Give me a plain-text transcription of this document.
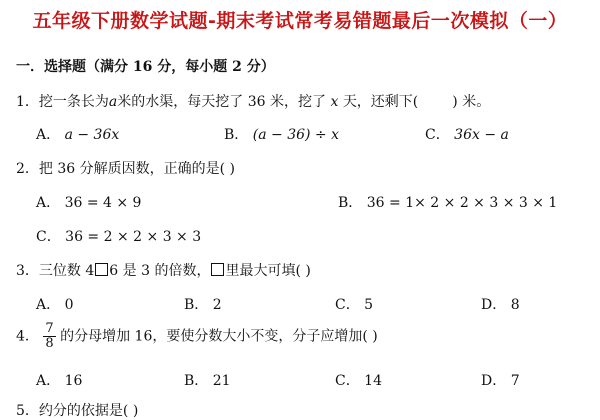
五年级下册数学试题-期末考试常考易错题最后一次模拟（一）
一．选择题（满分 16 分，每小题 2 分）
1．挖一条长为a米的水渠，每天挖了 36 米，挖了 x 天，还剩下( ) 米。
A． a − 36x	B． (a − 36) ÷ x	C． 36x − a
2．把 36 分解质因数，正确的是( )
A． 36 = 4 × 9	B． 36 = 1× 2 × 2 × 3 × 3 × 1
C． 36 = 2 × 2 × 3 × 3
3．三位数 4 6 是 3 的倍数， 里最大可填( )
A． 0	B． 2	C． 5	D． 8
4． $\frac{7}{8}$ 的分母增加 16，要使分数大小不变，分子应增加( )
A． 16	B． 21	C． 14	D． 7
5．约分的依据是( )
